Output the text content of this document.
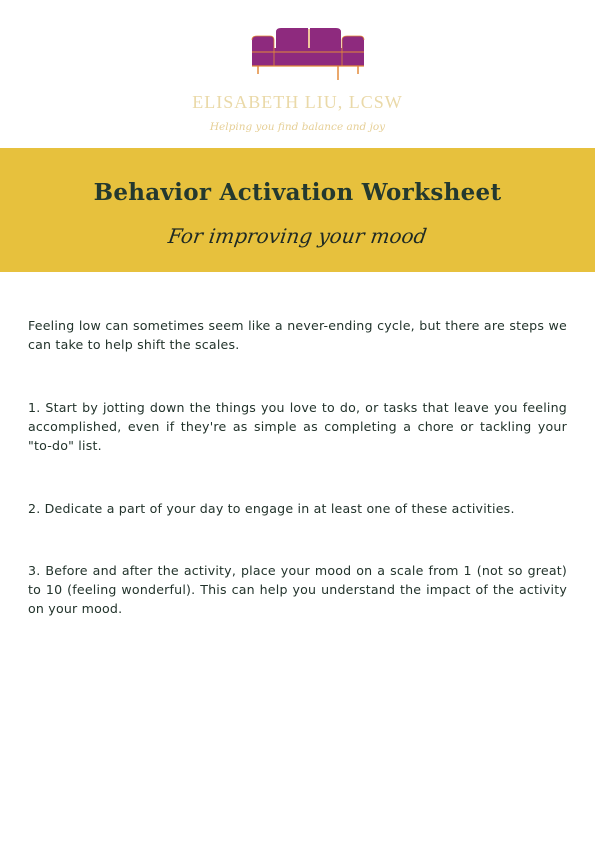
ELISABETH LIU, LCSW
Helping you find balance and joy
Behavior Activation Worksheet
For improving your mood

Feeling low can sometimes seem like a never-ending cycle, but there are steps we can take to help shift the scales.

1. Start by jotting down the things you love to do, or tasks that leave you feeling accomplished, even if they're as simple as completing a chore or tackling your "to-do" list.

2. Dedicate a part of your day to engage in at least one of these activities.

3. Before and after the activity, place your mood on a scale from 1 (not so great) to 10 (feeling wonderful). This can help you understand the impact of the activity on your mood.
